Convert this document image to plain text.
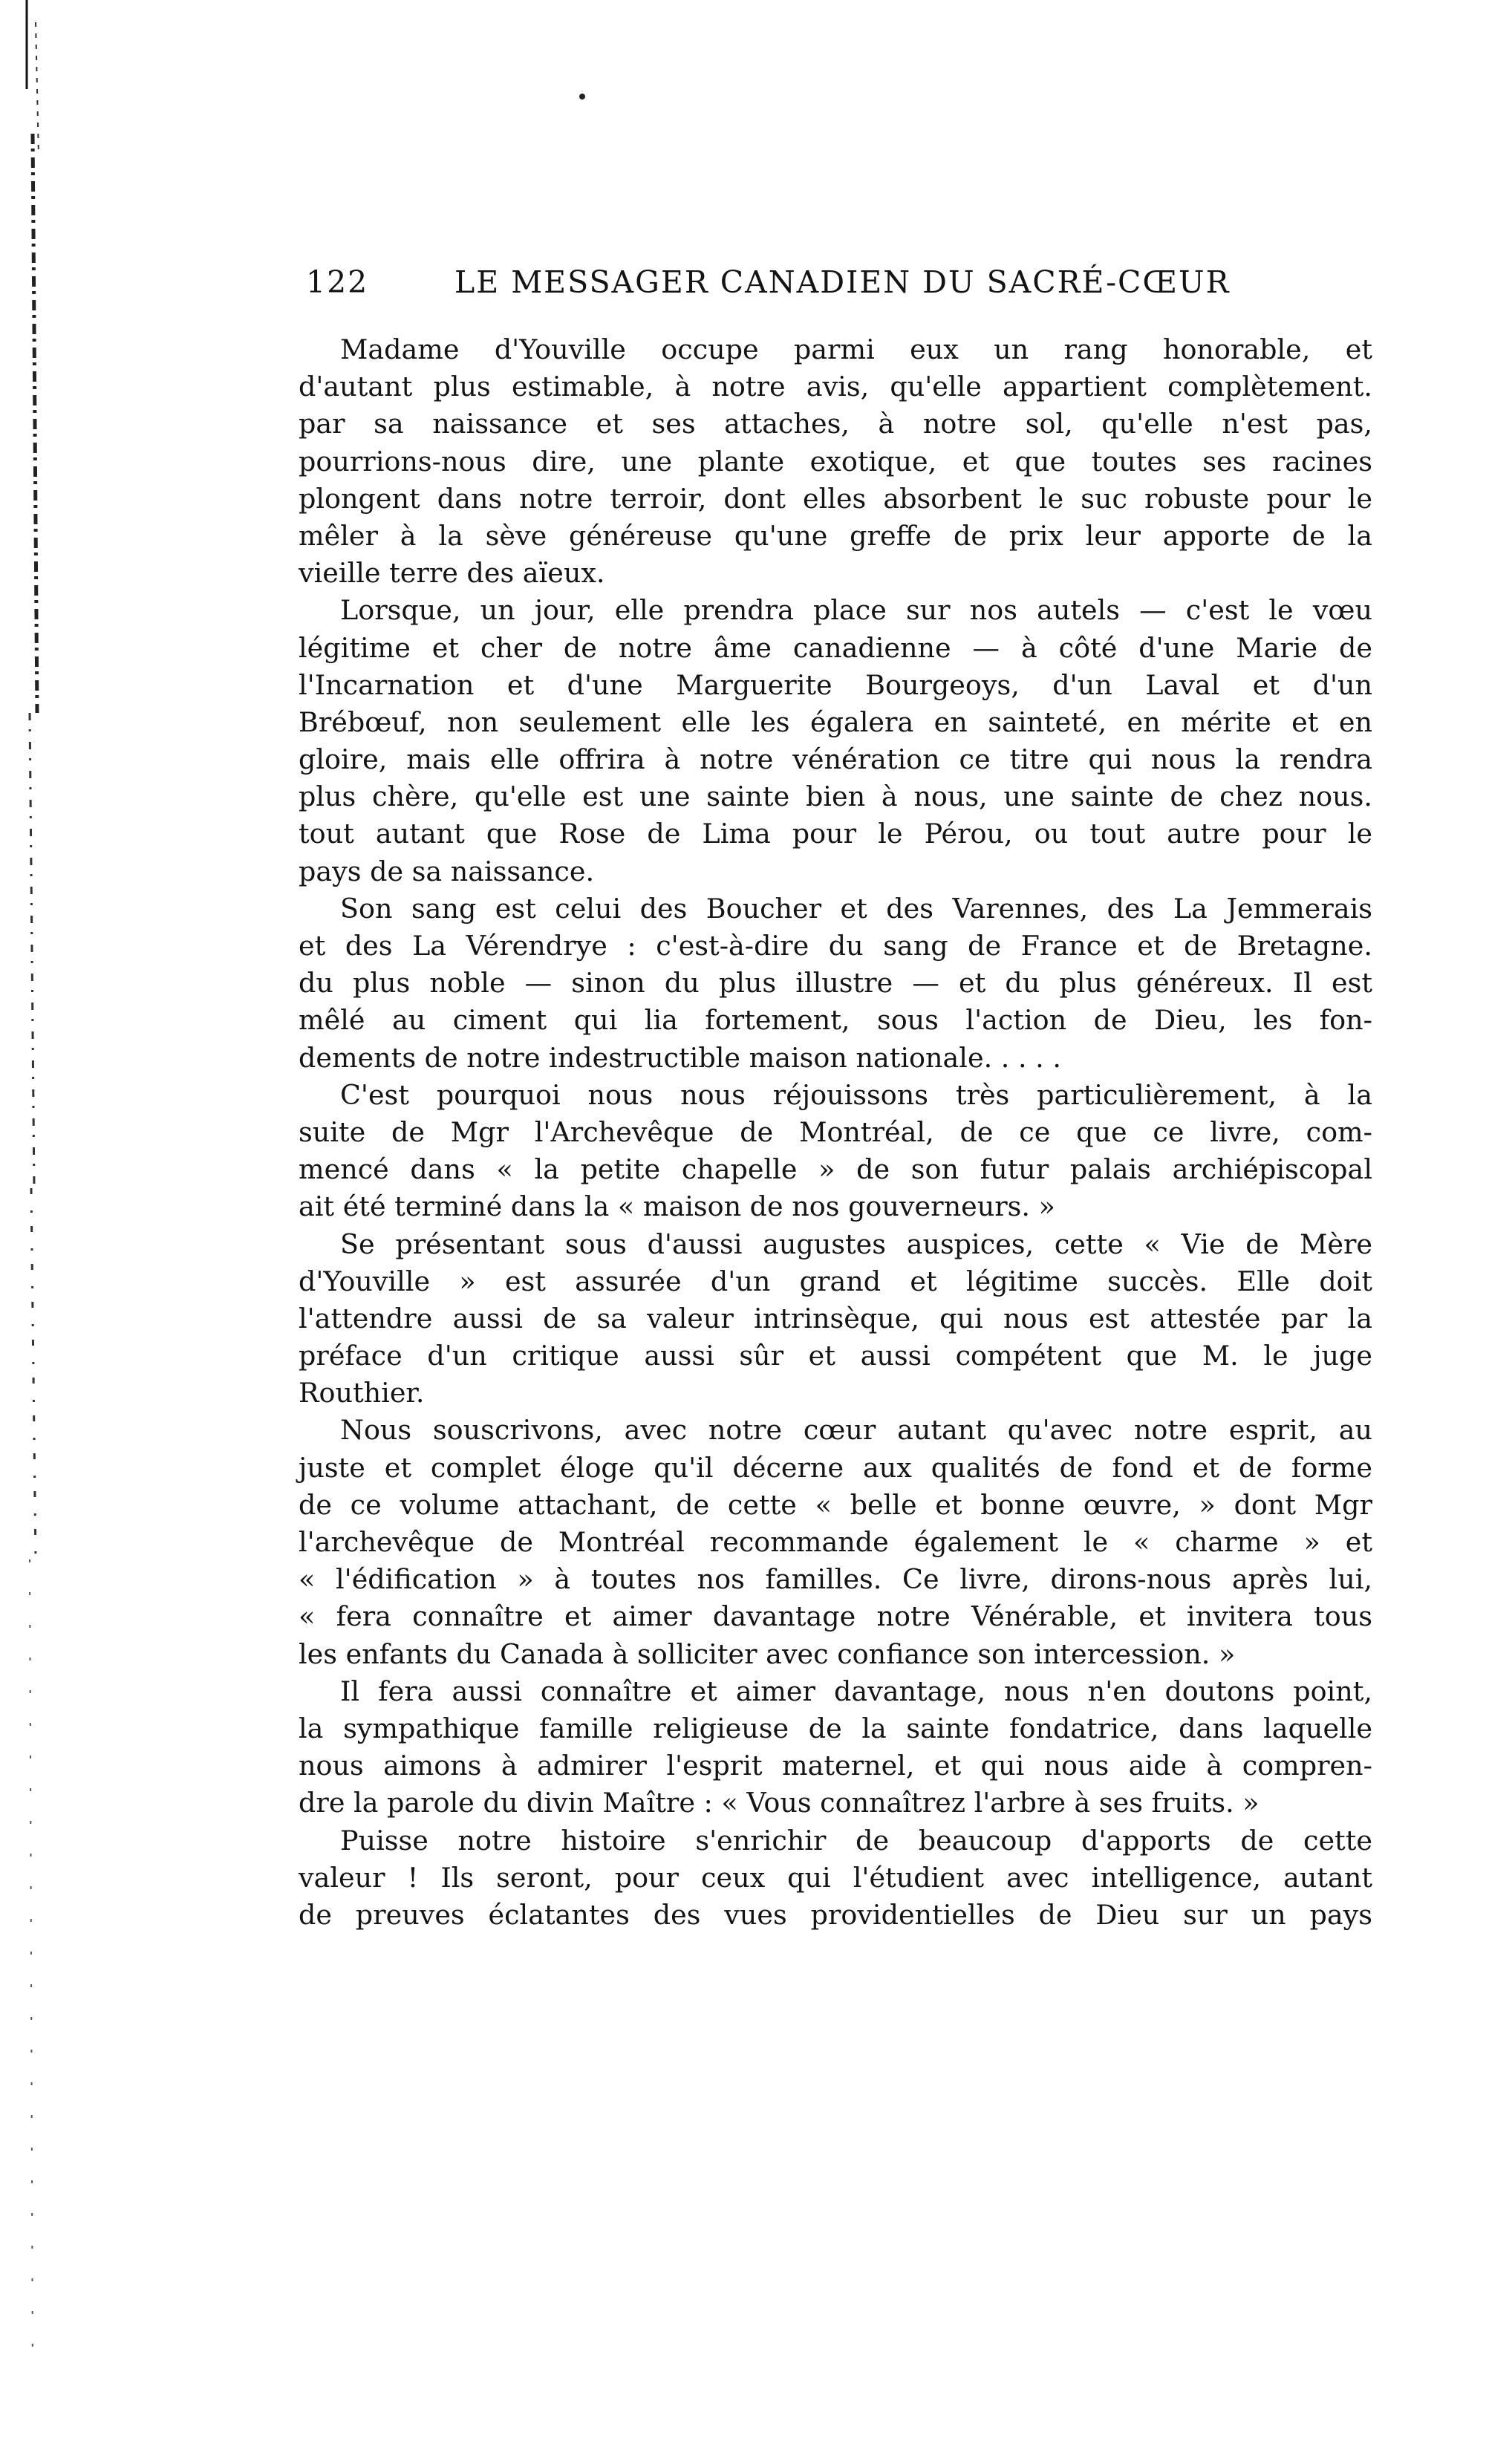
122	LE MESSAGER CANADIEN DU SACRÉ-CŒUR
Madame d'Youville occupe parmi eux un rang honorable, et
d'autant plus estimable, à notre avis, qu'elle appartient complètement.
par sa naissance et ses attaches, à notre sol, qu'elle n'est pas,
pourrions-nous dire, une plante exotique, et que toutes ses racines
plongent dans notre terroir, dont elles absorbent le suc robuste pour le
mêler à la sève généreuse qu'une greffe de prix leur apporte de la
vieille terre des aïeux.
Lorsque, un jour, elle prendra place sur nos autels — c'est le vœu
légitime et cher de notre âme canadienne — à côté d'une Marie de
l'Incarnation et d'une Marguerite Bourgeoys, d'un Laval et d'un
Brébœuf, non seulement elle les égalera en sainteté, en mérite et en
gloire, mais elle offrira à notre vénération ce titre qui nous la rendra
plus chère, qu'elle est une sainte bien à nous, une sainte de chez nous.
tout autant que Rose de Lima pour le Pérou, ou tout autre pour le
pays de sa naissance.
Son sang est celui des Boucher et des Varennes, des La Jemmerais
et des La Vérendrye : c'est-à-dire du sang de France et de Bretagne.
du plus noble — sinon du plus illustre — et du plus généreux. Il est
mêlé au ciment qui lia fortement, sous l'action de Dieu, les fon-
dements de notre indestructible maison nationale. . . . .
C'est pourquoi nous nous réjouissons très particulièrement, à la
suite de Mgr l'Archevêque de Montréal, de ce que ce livre, com-
mencé dans « la petite chapelle » de son futur palais archiépiscopal
ait été terminé dans la « maison de nos gouverneurs. »
Se présentant sous d'aussi augustes auspices, cette « Vie de Mère
d'Youville » est assurée d'un grand et légitime succès. Elle doit
l'attendre aussi de sa valeur intrinsèque, qui nous est attestée par la
préface d'un critique aussi sûr et aussi compétent que M. le juge
Routhier.
Nous souscrivons, avec notre cœur autant qu'avec notre esprit, au
juste et complet éloge qu'il décerne aux qualités de fond et de forme
de ce volume attachant, de cette « belle et bonne œuvre, » dont Mgr
l'archevêque de Montréal recommande également le « charme » et
« l'édification » à toutes nos familles. Ce livre, dirons-nous après lui,
« fera connaître et aimer davantage notre Vénérable, et invitera tous
les enfants du Canada à solliciter avec confiance son intercession. »
Il fera aussi connaître et aimer davantage, nous n'en doutons point,
la sympathique famille religieuse de la sainte fondatrice, dans laquelle
nous aimons à admirer l'esprit maternel, et qui nous aide à compren-
dre la parole du divin Maître : « Vous connaîtrez l'arbre à ses fruits. »
Puisse notre histoire s'enrichir de beaucoup d'apports de cette
valeur ! Ils seront, pour ceux qui l'étudient avec intelligence, autant
de preuves éclatantes des vues providentielles de Dieu sur un pays
